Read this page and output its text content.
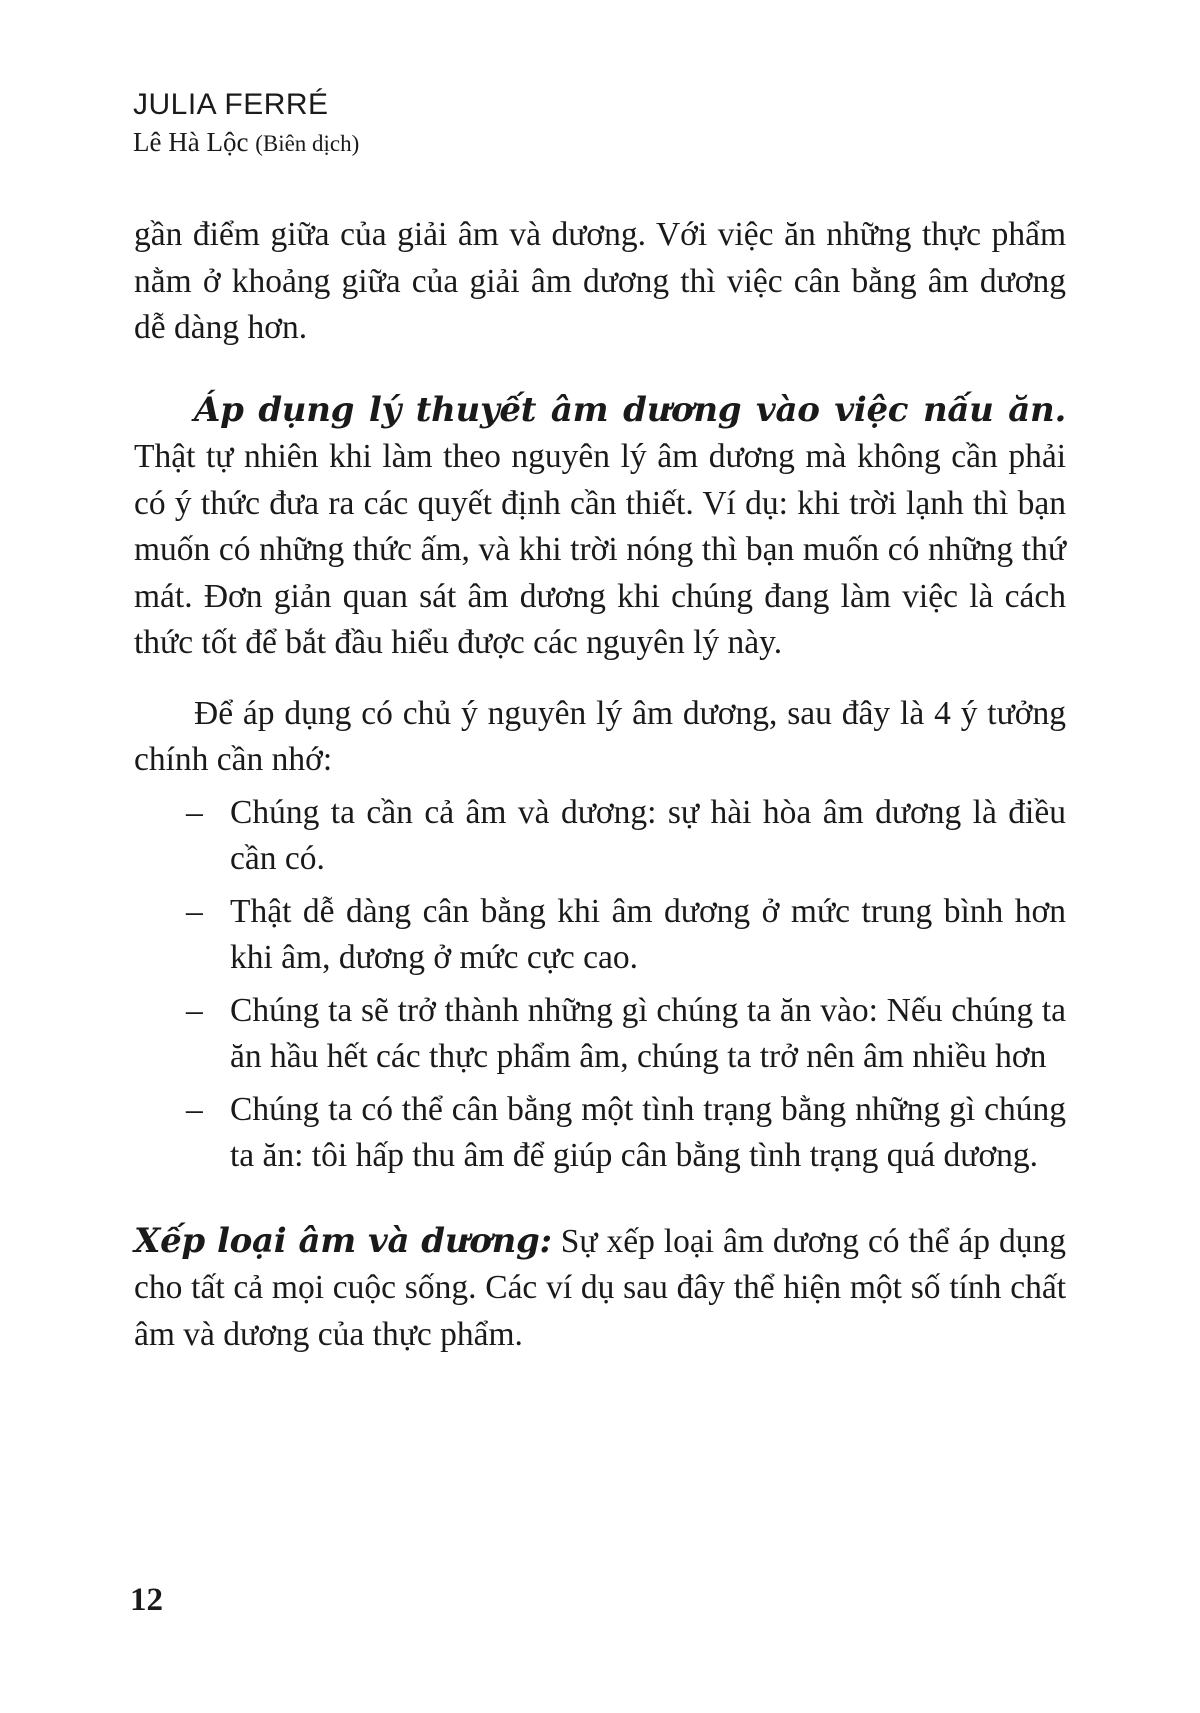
JULIA FERRÉ
Lê Hà Lộc (Biên dịch)

gần điểm giữa của giải âm và dương. Với việc ăn những thực phẩm nằm ở khoảng giữa của giải âm dương thì việc cân bằng âm dương dễ dàng hơn.

Áp dụng lý thuyết âm dương vào việc nấu ăn. Thật tự nhiên khi làm theo nguyên lý âm dương mà không cần phải có ý thức đưa ra các quyết định cần thiết. Ví dụ: khi trời lạnh thì bạn muốn có những thức ấm, và khi trời nóng thì bạn muốn có những thứ mát. Đơn giản quan sát âm dương khi chúng đang làm việc là cách thức tốt để bắt đầu hiểu được các nguyên lý này.

Để áp dụng có chủ ý nguyên lý âm dương, sau đây là 4 ý tưởng chính cần nhớ:

– Chúng ta cần cả âm và dương: sự hài hòa âm dương là điều cần có.
– Thật dễ dàng cân bằng khi âm dương ở mức trung bình hơn khi âm, dương ở mức cực cao.
– Chúng ta sẽ trở thành những gì chúng ta ăn vào: Nếu chúng ta ăn hầu hết các thực phẩm âm, chúng ta trở nên âm nhiều hơn
– Chúng ta có thể cân bằng một tình trạng bằng những gì chúng ta ăn: tôi hấp thu âm để giúp cân bằng tình trạng quá dương.

Xếp loại âm và dương: Sự xếp loại âm dương có thể áp dụng cho tất cả mọi cuộc sống. Các ví dụ sau đây thể hiện một số tính chất âm và dương của thực phẩm.

12
